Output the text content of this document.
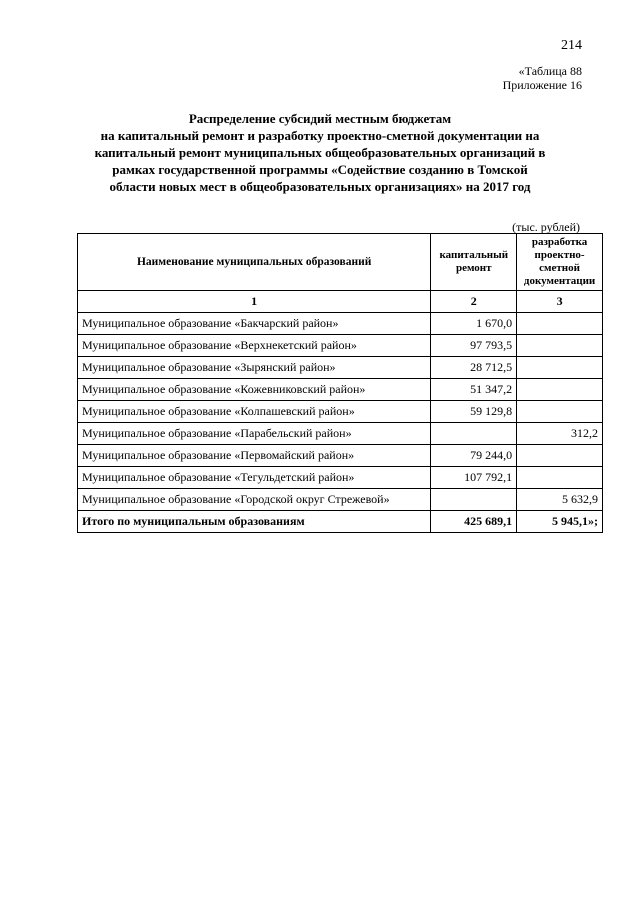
214
«Таблица 88
Приложение 16
Распределение субсидий местным бюджетам
на капитальный ремонт и разработку проектно-сметной документации на
капитальный ремонт муниципальных общеобразовательных организаций в
рамках государственной программы «Содействие созданию в Томской
области новых мест в общеобразовательных организациях» на 2017 год
(тыс. рублей)
Наименование муниципальных образований	капитальный ремонт	разработка проектно-сметной документации
1	2	3
Муниципальное образование «Бакчарский район»	1 670,0	
Муниципальное образование «Верхнекетский район»	97 793,5	
Муниципальное образование «Зырянский район»	28 712,5	
Муниципальное образование «Кожевниковский район»	51 347,2	
Муниципальное образование «Колпашевский район»	59 129,8	
Муниципальное образование «Парабельский район»		312,2
Муниципальное образование «Первомайский район»	79 244,0	
Муниципальное образование «Тегульдетский район»	107 792,1	
Муниципальное образование «Городской округ Стрежевой»		5 632,9
Итого по муниципальным образованиям	425 689,1	5 945,1»;
